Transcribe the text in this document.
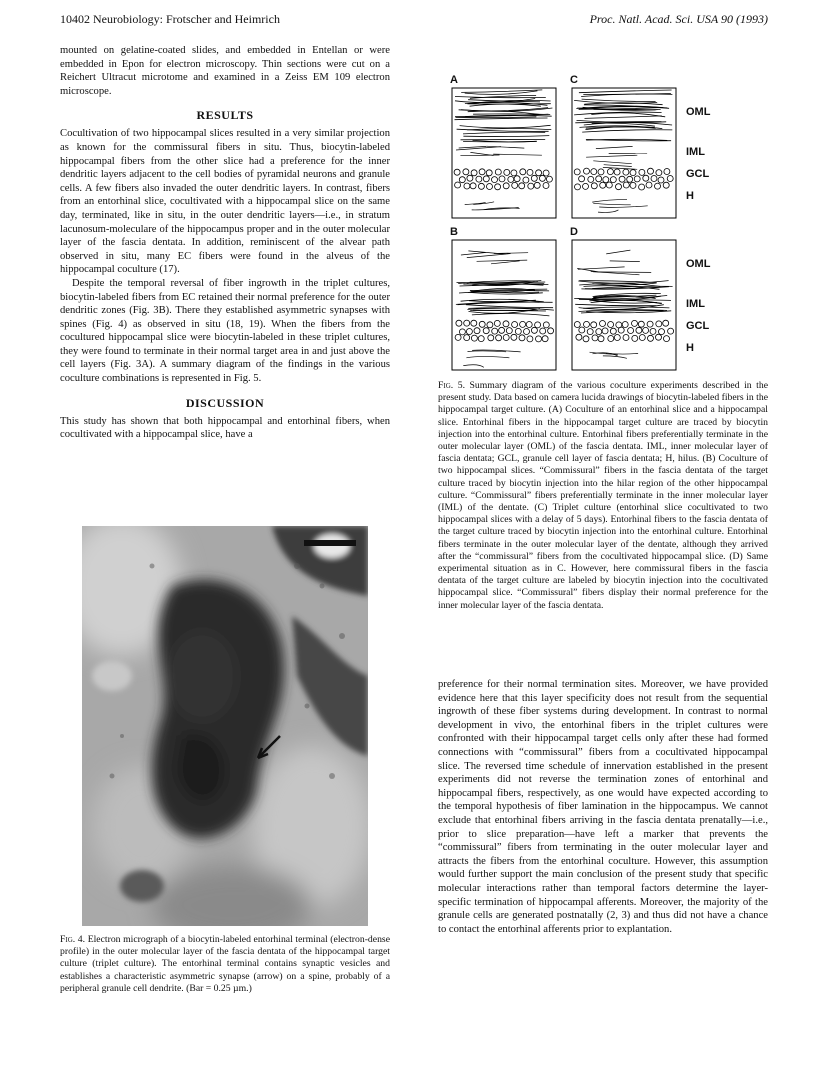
10402 Neurobiology: Frotscher and Heimrich	Proc. Natl. Acad. Sci. USA 90 (1993)

mounted on gelatine-coated slides, and embedded in Entellan or were embedded in Epon for electron microscopy. Thin sections were cut on a Reichert Ultracut microtome and examined in a Zeiss EM 109 electron microscope.

RESULTS

Cocultivation of two hippocampal slices resulted in a very similar projection as known for the commissural fibers in situ. Thus, biocytin-labeled hippocampal fibers from the other slice had a preference for the inner dendritic layers adjacent to the cell bodies of pyramidal neurons and granule cells. A few fibers also invaded the outer dendritic layers. In contrast, fibers from an entorhinal slice, cocultivated with a hippocampal slice on the same day, terminated, like in situ, in the outer dendritic layers—i.e., in stratum lacunosum-moleculare of the hippocampus proper and in the outer molecular layer of the fascia dentata. In addition, reminiscent of the alvear path observed in situ, many EC fibers were found in the alveus of the hippocampal coculture (17).

Despite the temporal reversal of fiber ingrowth in the triplet cultures, biocytin-labeled fibers from EC retained their normal preference for the outer dendritic zones (Fig. 3B). There they established asymmetric synapses with spines (Fig. 4) as observed in situ (18, 19). When the fibers from the cocultured hippocampal slice were biocytin-labeled in these triplet cultures, they were found to terminate in their normal target area in and just above the cell layers (Fig. 3A). A summary diagram of the findings in the various coculture combinations is represented in Fig. 5.

DISCUSSION

This study has shown that both hippocampal and entorhinal fibers, when cocultivated with a hippocampal slice, have a

Fig. 4. Electron micrograph of a biocytin-labeled entorhinal terminal (electron-dense profile) in the outer molecular layer of the fascia dentata of the hippocampal target culture (triplet culture). The entorhinal terminal contains synaptic vesicles and establishes a characteristic asymmetric synapse (arrow) on a spine, probably of a peripheral granule cell dendrite. (Bar = 0.25 µm.)
A	C
B	D
OML
IML
GCL
H
OML
IML
GCL
H
Fig. 5. Summary diagram of the various coculture experiments described in the present study. Data based on camera lucida drawings of biocytin-labeled fibers in the hippocampal target culture. (A) Coculture of an entorhinal slice and a hippocampal slice. Entorhinal fibers in the hippocampal target culture are traced by biocytin injection into the entorhinal culture. Entorhinal fibers preferentially terminate in the outer molecular layer (OML) of the fascia dentata. IML, inner molecular layer of fascia dentata; GCL, granule cell layer of fascia dentata; H, hilus. (B) Coculture of two hippocampal slices. “Commissural” fibers in the fascia dentata of the target culture traced by biocytin injection into the hilar region of the other hippocampal culture. “Commissural” fibers preferentially terminate in the inner molecular layer (IML) of the dentate. (C) Triplet culture (entorhinal slice cocultivated to two hippocampal slices with a delay of 5 days). Entorhinal fibers to the fascia dentata of the target culture traced by biocytin injection into the entorhinal culture. Entorhinal fibers terminate in the outer molecular layer of the dentate, although they arrived after the “commissural” fibers from the cocultivated hippocampal slice. (D) Same experimental situation as in C. However, here commissural fibers in the fascia dentata of the target culture are labeled by biocytin injection into the cocultivated hippocampal slice. “Commissural” fibers display their normal preference for the inner molecular layer of the fascia dentata.

preference for their normal termination sites. Moreover, we have provided evidence here that this layer specificity does not result from the sequential ingrowth of these fiber systems during development. In contrast to normal development in vivo, the entorhinal fibers in the triplet cultures were confronted with their hippocampal target cells only after these had formed connections with “commissural” fibers from a cocultivated hippocampal slice. The reversed time schedule of innervation established in the present experiments did not reverse the termination zones of entorhinal and hippocampal fibers, respectively, as one would have expected according to the temporal hypothesis of fiber lamination in the hippocampus. We cannot exclude that entorhinal fibers arriving in the fascia dentata prenatally—i.e., prior to slice preparation—have left a marker that prevents the “commissural” fibers from terminating in the outer molecular layer and attracts the fibers from the entorhinal coculture. However, this assumption would further support the main conclusion of the present study that specific molecular interactions rather than temporal factors determine the layer-specific termination of hippocampal afferents. Moreover, the majority of the granule cells are generated postnatally (2, 3) and thus did not have a chance to contact the entorhinal afferents prior to explantation.
